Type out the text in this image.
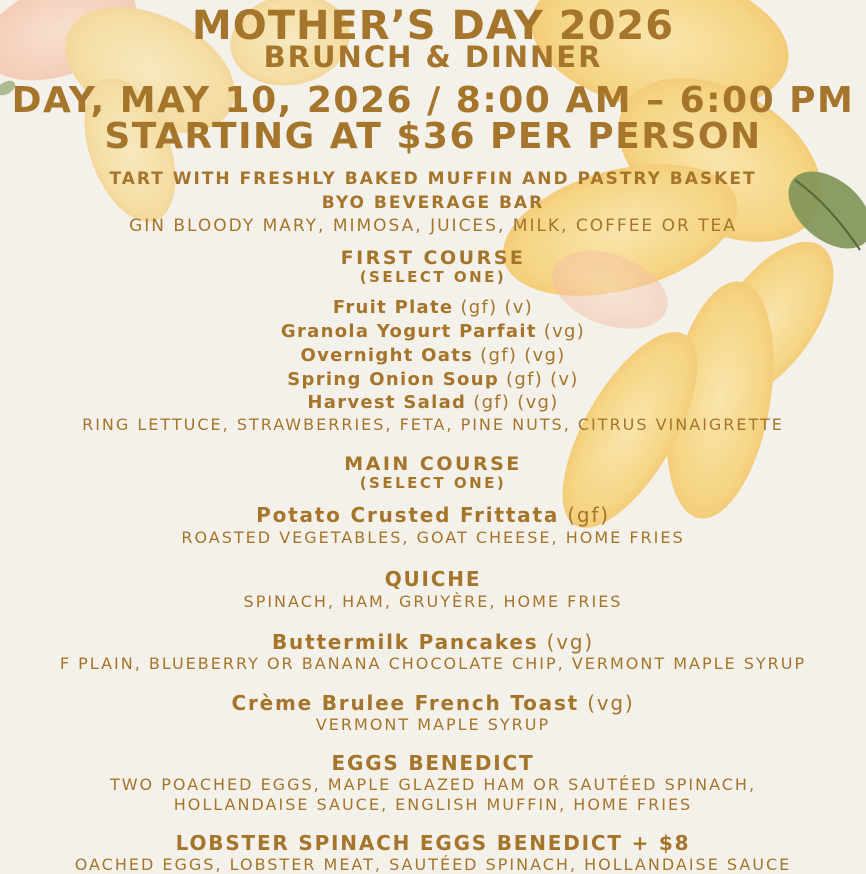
MOTHER’S DAY 2026
BRUNCH & DINNER
DAY, MAY 10, 2026 / 8:00 AM – 6:00 PM
STARTING AT $36 PER PERSON
TART WITH FRESHLY BAKED MUFFIN AND PASTRY BASKET
BYO BEVERAGE BAR
GIN BLOODY MARY, MIMOSA, JUICES, MILK, COFFEE OR TEA
FIRST COURSE
(SELECT ONE)
Fruit Plate (gf) (v)
Granola Yogurt Parfait (vg)
Overnight Oats (gf) (vg)
Spring Onion Soup (gf) (v)
Harvest Salad (gf) (vg)
RING LETTUCE, STRAWBERRIES, FETA, PINE NUTS, CITRUS VINAIGRETTE
MAIN COURSE
(SELECT ONE)
Potato Crusted Frittata (gf)
ROASTED VEGETABLES, GOAT CHEESE, HOME FRIES
QUICHE
SPINACH, HAM, GRUYÈRE, HOME FRIES
Buttermilk Pancakes (vg)
F PLAIN, BLUEBERRY OR BANANA CHOCOLATE CHIP, VERMONT MAPLE SYRUP
Crème Brulee French Toast (vg)
VERMONT MAPLE SYRUP
EGGS BENEDICT
TWO POACHED EGGS, MAPLE GLAZED HAM OR SAUTÉED SPINACH,
HOLLANDAISE SAUCE, ENGLISH MUFFIN, HOME FRIES
LOBSTER SPINACH EGGS BENEDICT + $8
OACHED EGGS, LOBSTER MEAT, SAUTÉED SPINACH, HOLLANDAISE SAUCE
